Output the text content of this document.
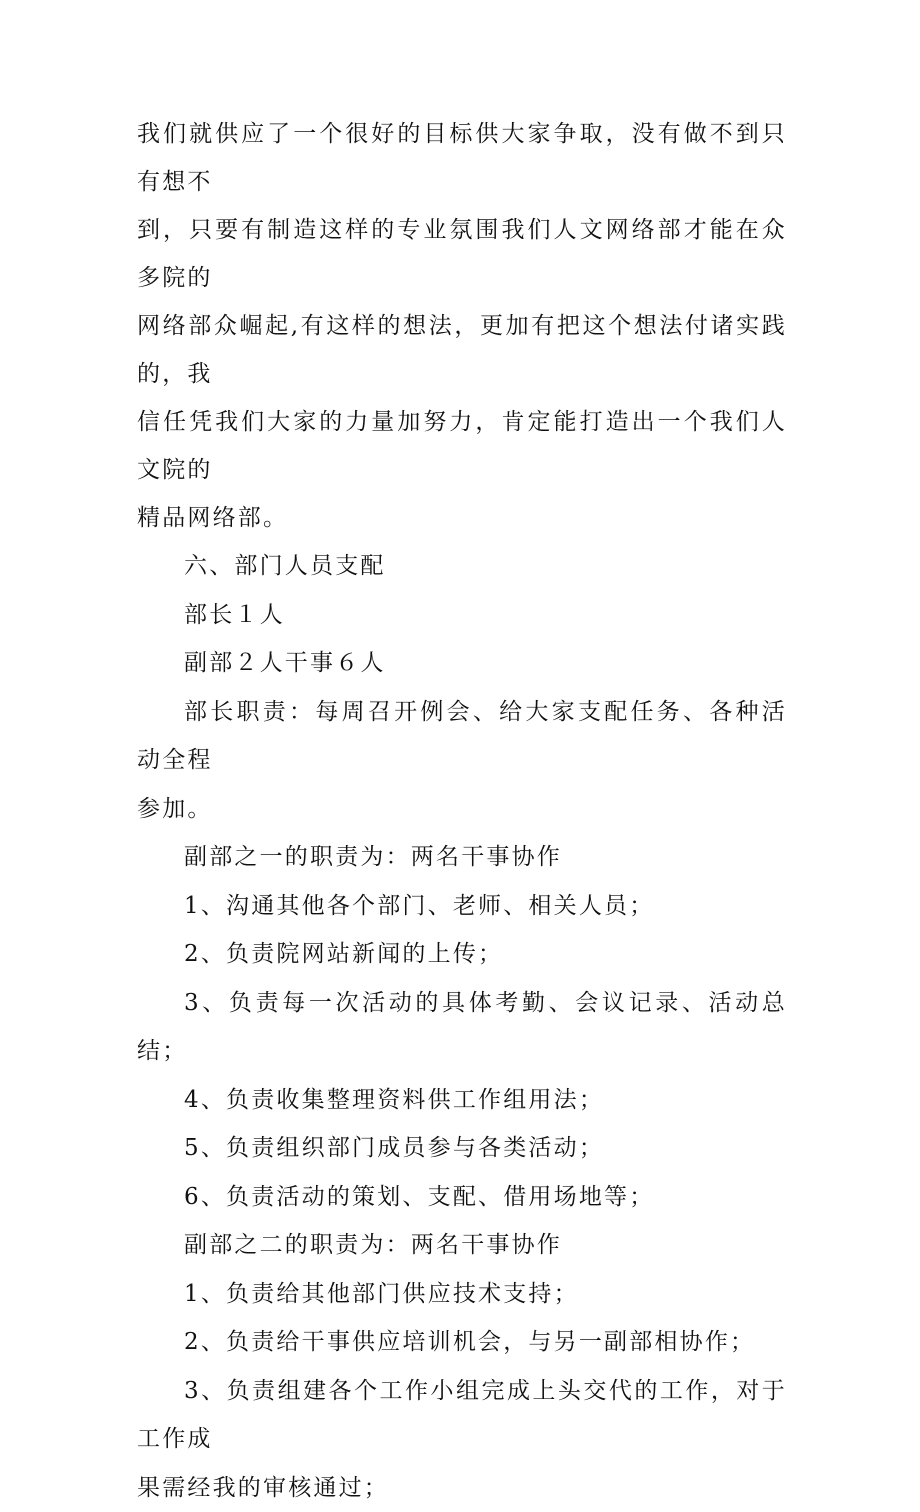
我们就供应了一个很好的目标供大家争取，没有做不到只有想不
到，只要有制造这样的专业氛围我们人文网络部才能在众多院的
网络部众崛起,有这样的想法，更加有把这个想法付诸实践的，我
信任凭我们大家的力量加努力，肯定能打造出一个我们人文院的
精品网络部。

六、部门人员支配

部长１人

副部２人干事６人

部长职责：每周召开例会、给大家支配任务、各种活动全程
参加。

副部之一的职责为：两名干事协作

1、沟通其他各个部门、老师、相关人员；

2、负责院网站新闻的上传；

3、负责每一次活动的具体考勤、会议记录、活动总结；

4、负责收集整理资料供工作组用法；

5、负责组织部门成员参与各类活动；

6、负责活动的策划、支配、借用场地等；

副部之二的职责为：两名干事协作

1、负责给其他部门供应技术支持；

2、负责给干事供应培训机会，与另一副部相协作；

3、负责组建各个工作小组完成上头交代的工作，对于工作成
果需经我的审核通过；
